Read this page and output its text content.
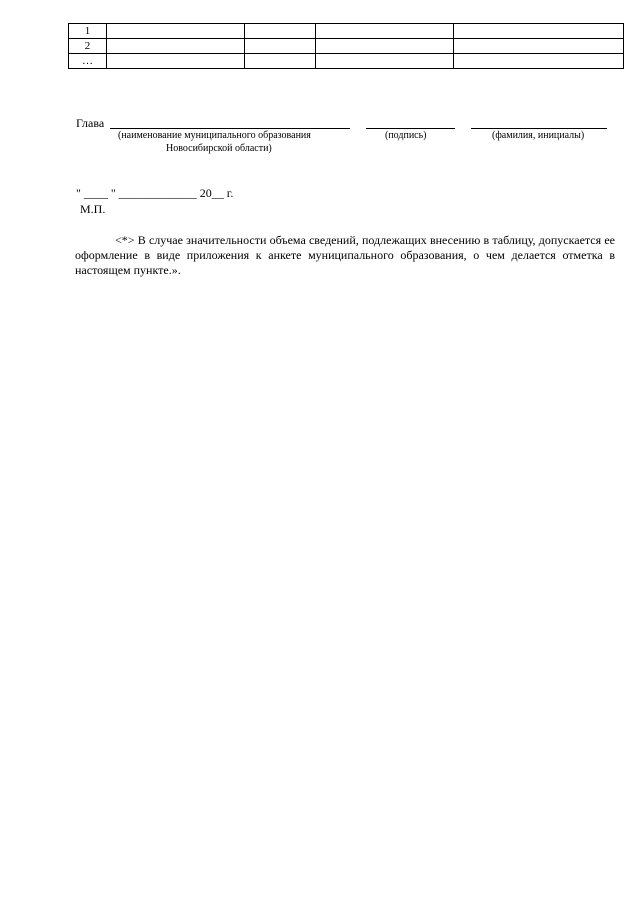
1				
2				
…				
Глава
(наименование муниципального образования
Новосибирской области)
(подпись)	(фамилия, инициалы)
" ____ " _____________ 20__ г.
М.П.
<*> В случае значительности объема сведений, подлежащих внесению в таблицу, допускается ее оформление в виде приложения к анкете муниципального образования, о чем делается отметка в настоящем пункте.».
